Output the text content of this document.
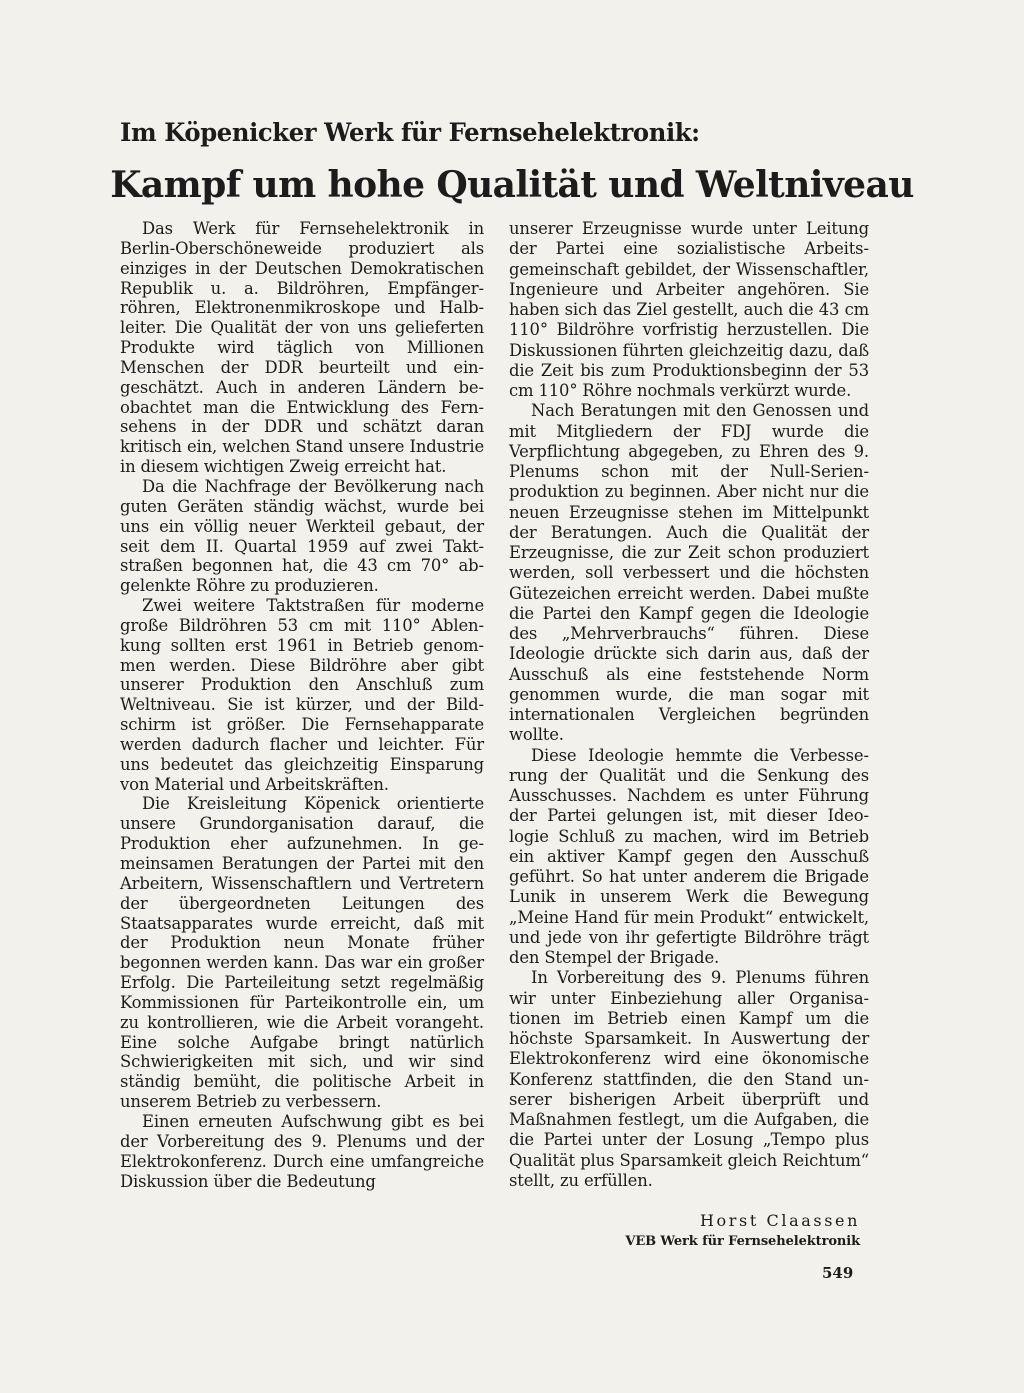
Im Köpenicker Werk für Fernsehelektronik:
Kampf um hohe Qualität und Weltniveau

Das Werk für Fernsehelektronik in Berlin-Oberschöneweide produziert als einziges in der Deutschen Demokratischen Republik u. a. Bildröhren, Empfängerröhren, Elektronenmikroskope und Halbleiter. Die Qualität der von uns gelieferten Produkte wird täglich von Millionen Menschen der DDR beurteilt und eingeschätzt. Auch in anderen Ländern beobachtet man die Entwicklung des Fernsehens in der DDR und schätzt daran kritisch ein, welchen Stand unsere Industrie in diesem wichtigen Zweig erreicht hat.

Da die Nachfrage der Bevölkerung nach guten Geräten ständig wächst, wurde bei uns ein völlig neuer Werkteil gebaut, der seit dem II. Quartal 1959 auf zwei Taktstraßen begonnen hat, die 43 cm 70° abgelenkte Röhre zu produzieren.

Zwei weitere Taktstraßen für moderne große Bildröhren 53 cm mit 110° Ablenkung sollten erst 1961 in Betrieb genommen werden. Diese Bildröhre aber gibt unserer Produktion den Anschluß zum Weltniveau. Sie ist kürzer, und der Bildschirm ist größer. Die Fernsehapparate werden dadurch flacher und leichter. Für uns bedeutet das gleichzeitig Einsparung von Material und Arbeitskräften.

Die Kreisleitung Köpenick orientierte unsere Grundorganisation darauf, die Produktion eher aufzunehmen. In gemeinsamen Beratungen der Partei mit den Arbeitern, Wissenschaftlern und Vertretern der übergeordneten Leitungen des Staatsapparates wurde erreicht, daß mit der Produktion neun Monate früher begonnen werden kann. Das war ein großer Erfolg. Die Parteileitung setzt regelmäßig Kommissionen für Parteikontrolle ein, um zu kontrollieren, wie die Arbeit vorangeht. Eine solche Aufgabe bringt natürlich Schwierigkeiten mit sich, und wir sind ständig bemüht, die politische Arbeit in unserem Betrieb zu verbessern.

Einen erneuten Aufschwung gibt es bei der Vorbereitung des 9. Plenums und der Elektrokonferenz. Durch eine umfangreiche Diskussion über die Bedeutung

unserer Erzeugnisse wurde unter Leitung der Partei eine sozialistische Arbeitsgemeinschaft gebildet, der Wissenschaftler, Ingenieure und Arbeiter angehören. Sie haben sich das Ziel gestellt, auch die 43 cm 110° Bildröhre vorfristig herzustellen. Die Diskussionen führten gleichzeitig dazu, daß die Zeit bis zum Produktionsbeginn der 53 cm 110° Röhre nochmals verkürzt wurde.

Nach Beratungen mit den Genossen und mit Mitgliedern der FDJ wurde die Verpflichtung abgegeben, zu Ehren des 9. Plenums schon mit der Null-Serienproduktion zu beginnen. Aber nicht nur die neuen Erzeugnisse stehen im Mittelpunkt der Beratungen. Auch die Qualität der Erzeugnisse, die zur Zeit schon produziert werden, soll verbessert und die höchsten Gütezeichen erreicht werden. Dabei mußte die Partei den Kampf gegen die Ideologie des „Mehrverbrauchs“ führen. Diese Ideologie drückte sich darin aus, daß der Ausschuß als eine feststehende Norm genommen wurde, die man sogar mit internationalen Vergleichen begründen wollte.

Diese Ideologie hemmte die Verbesserung der Qualität und die Senkung des Ausschusses. Nachdem es unter Führung der Partei gelungen ist, mit dieser Ideologie Schluß zu machen, wird im Betrieb ein aktiver Kampf gegen den Ausschuß geführt. So hat unter anderem die Brigade Lunik in unserem Werk die Bewegung „Meine Hand für mein Produkt“ entwickelt, und jede von ihr gefertigte Bildröhre trägt den Stempel der Brigade.

In Vorbereitung des 9. Plenums führen wir unter Einbeziehung aller Organisationen im Betrieb einen Kampf um die höchste Sparsamkeit. In Auswertung der Elektrokonferenz wird eine ökonomische Konferenz stattfinden, die den Stand unserer bisherigen Arbeit überprüft und Maßnahmen festlegt, um die Aufgaben, die die Partei unter der Losung „Tempo plus Qualität plus Sparsamkeit gleich Reichtum“ stellt, zu erfüllen.

Horst Claassen
VEB Werk für Fernsehelektronik
549
